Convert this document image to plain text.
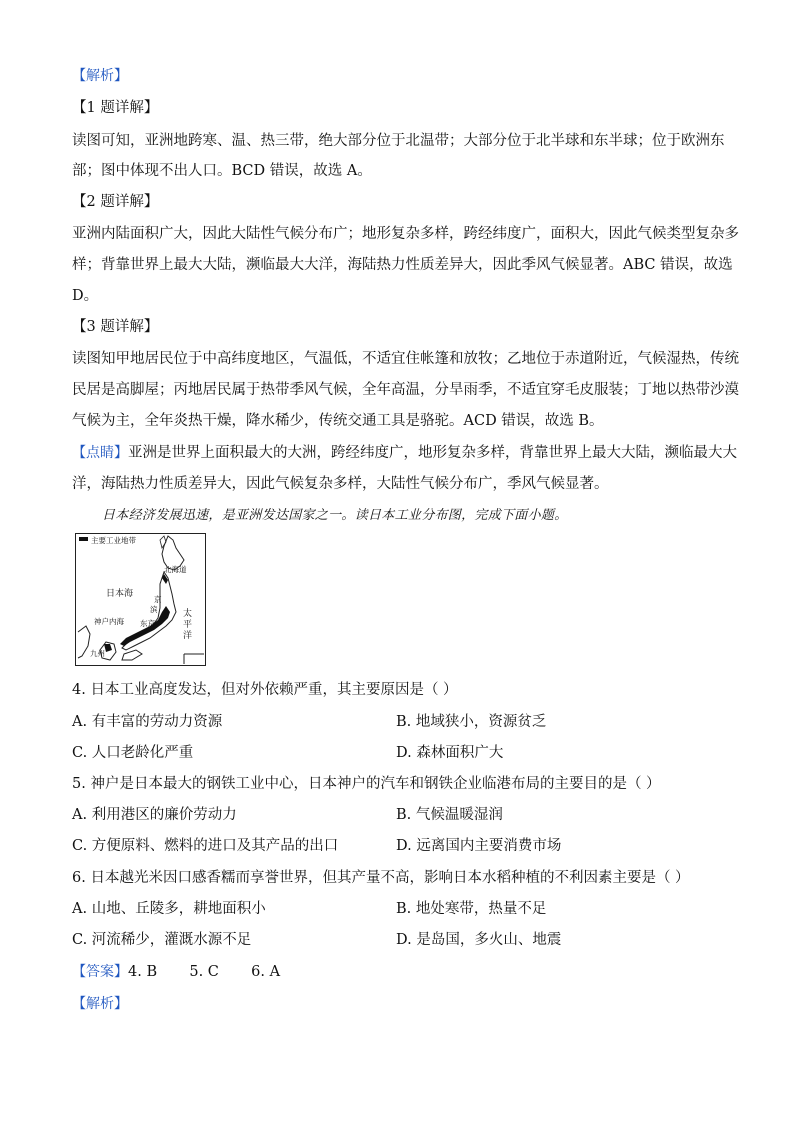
【解析】
【1 题详解】
读图可知，亚洲地跨寒、温、热三带，绝大部分位于北温带；大部分位于北半球和东半球；位于欧洲东
部；图中体现不出人口。BCD 错误，故选 A。
【2 题详解】
亚洲内陆面积广大，因此大陆性气候分布广；地形复杂多样，跨经纬度广，面积大，因此气候类型复杂多
样；背靠世界上最大大陆，濒临最大大洋，海陆热力性质差异大，因此季风气候显著。ABC 错误，故选
D。
【3 题详解】
读图知甲地居民位于中高纬度地区，气温低，不适宜住帐篷和放牧；乙地位于赤道附近，气候湿热，传统
民居是高脚屋；丙地居民属于热带季风气候，全年高温，分旱雨季，不适宜穿毛皮服装；丁地以热带沙漠
气候为主，全年炎热干燥，降水稀少，传统交通工具是骆驼。ACD 错误，故选 B。
【点睛】亚洲是世界上面积最大的大洲，跨经纬度广，地形复杂多样，背靠世界上最大大陆，濒临最大大
洋，海陆热力性质差异大，因此气候复杂多样，大陆性气候分布广，季风气候显著。
日本经济发展迅速，是亚洲发达国家之一。读日本工业分布图，完成下面小题。
主要工业地带
日本海
北海道
京
滨	太
平
洋
神户内海
九州
东京
4. 日本工业高度发达，但对外依赖严重，其主要原因是（ ）
A. 有丰富的劳动力资源	B. 地域狭小，资源贫乏
C. 人口老龄化严重	D. 森林面积广大
5. 神户是日本最大的钢铁工业中心，日本神户的汽车和钢铁企业临港布局的主要目的是（ ）
A. 利用港区的廉价劳动力	B. 气候温暖湿润
C. 方便原料、燃料的进口及其产品的出口	D. 远离国内主要消费市场
6. 日本越光米因口感香糯而享誉世界，但其产量不高，影响日本水稻种植的不利因素主要是（ ）
A. 山地、丘陵多，耕地面积小	B. 地处寒带，热量不足
C. 河流稀少，灌溉水源不足	D. 是岛国，多火山、地震
【答案】4. B       5. C       6. A
【解析】
